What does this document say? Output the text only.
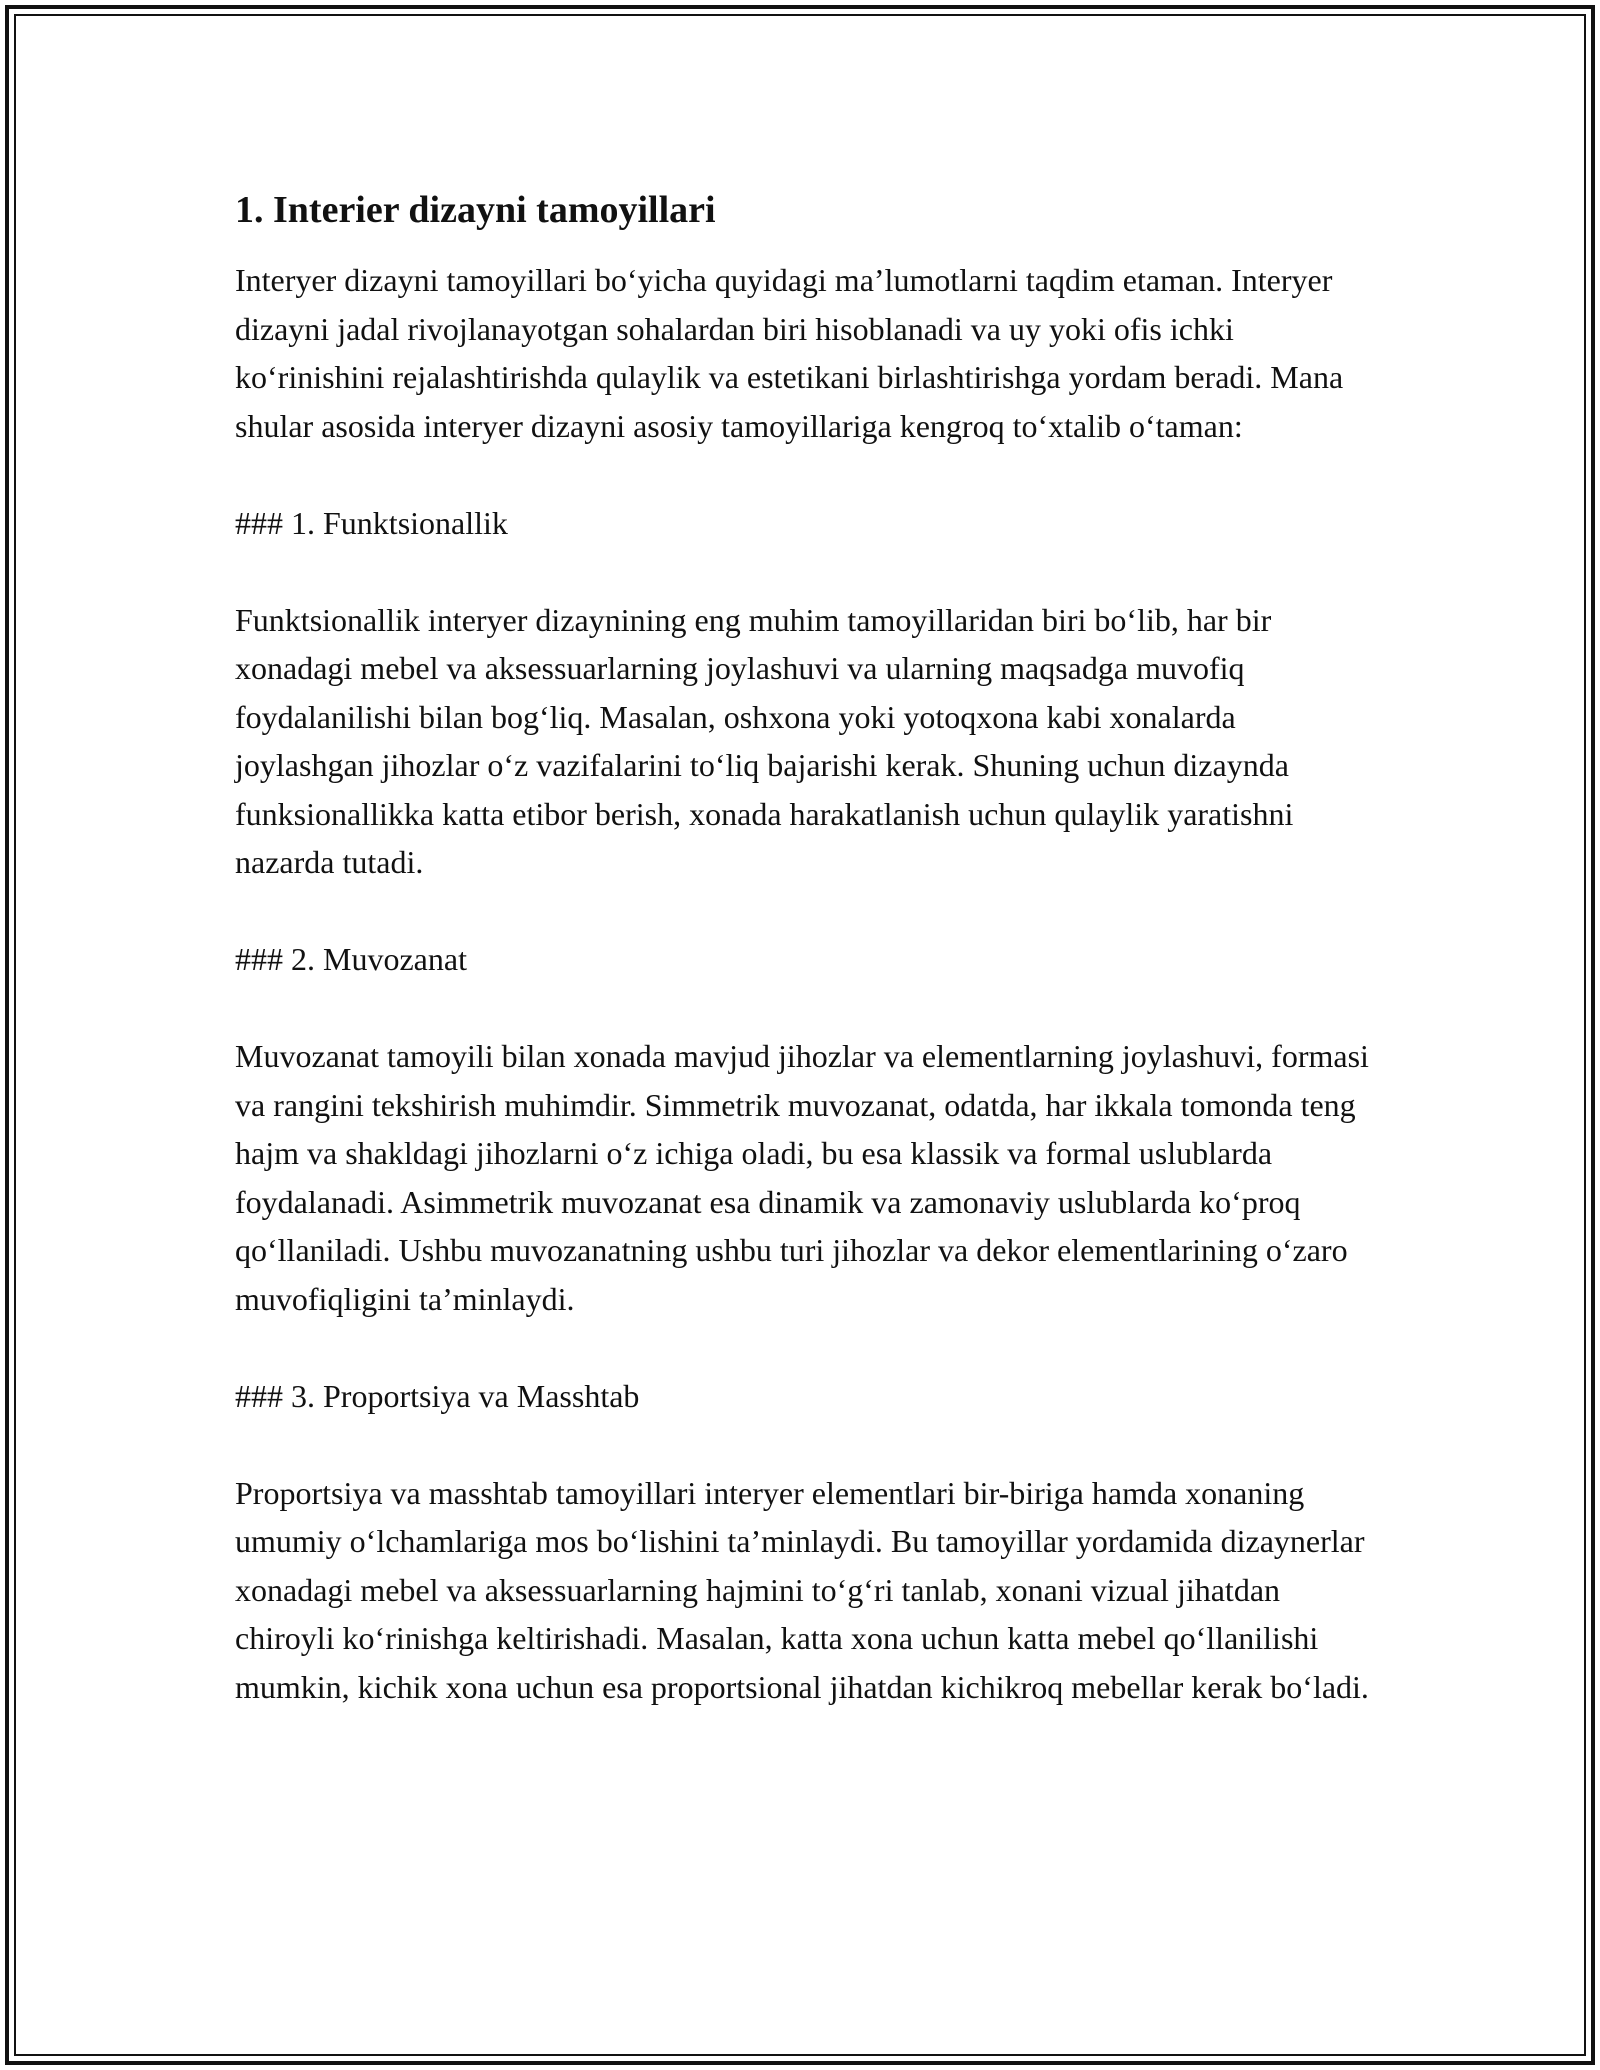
1. Interier dizayni tamoyillari

Interyer dizayni tamoyillari bo‘yicha quyidagi ma’lumotlarni taqdim etaman. Interyer dizayni jadal rivojlanayotgan sohalardan biri hisoblanadi va uy yoki ofis ichki ko‘rinishini rejalashtirishda qulaylik va estetikani birlashtirishga yordam beradi. Mana shular asosida interyer dizayni asosiy tamoyillariga kengroq to‘xtalib o‘taman:

### 1. Funktsionallik

Funktsionallik interyer dizaynining eng muhim tamoyillaridan biri bo‘lib, har bir xonadagi mebel va aksessuarlarning joylashuvi va ularning maqsadga muvofiq foydalanilishi bilan bog‘liq. Masalan, oshxona yoki yotoqxona kabi xonalarda joylashgan jihozlar o‘z vazifalarini to‘liq bajarishi kerak. Shuning uchun dizaynda funksionallikka katta etibor berish, xonada harakatlanish uchun qulaylik yaratishni nazarda tutadi.

### 2. Muvozanat

Muvozanat tamoyili bilan xonada mavjud jihozlar va elementlarning joylashuvi, formasi va rangini tekshirish muhimdir. Simmetrik muvozanat, odatda, har ikkala tomonda teng hajm va shakldagi jihozlarni o‘z ichiga oladi, bu esa klassik va formal uslublarda foydalanadi. Asimmetrik muvozanat esa dinamik va zamonaviy uslublarda ko‘proq qo‘llaniladi. Ushbu muvozanatning ushbu turi jihozlar va dekor elementlarining o‘zaro muvofiqligini ta’minlaydi.

### 3. Proportsiya va Masshtab

Proportsiya va masshtab tamoyillari interyer elementlari bir-biriga hamda xonaning umumiy o‘lchamlariga mos bo‘lishini ta’minlaydi. Bu tamoyillar yordamida dizaynerlar xonadagi mebel va aksessuarlarning hajmini to‘g‘ri tanlab, xonani vizual jihatdan chiroyli ko‘rinishga keltirishadi. Masalan, katta xona uchun katta mebel qo‘llanilishi mumkin, kichik xona uchun esa proportsional jihatdan kichikroq mebellar kerak bo‘ladi.
